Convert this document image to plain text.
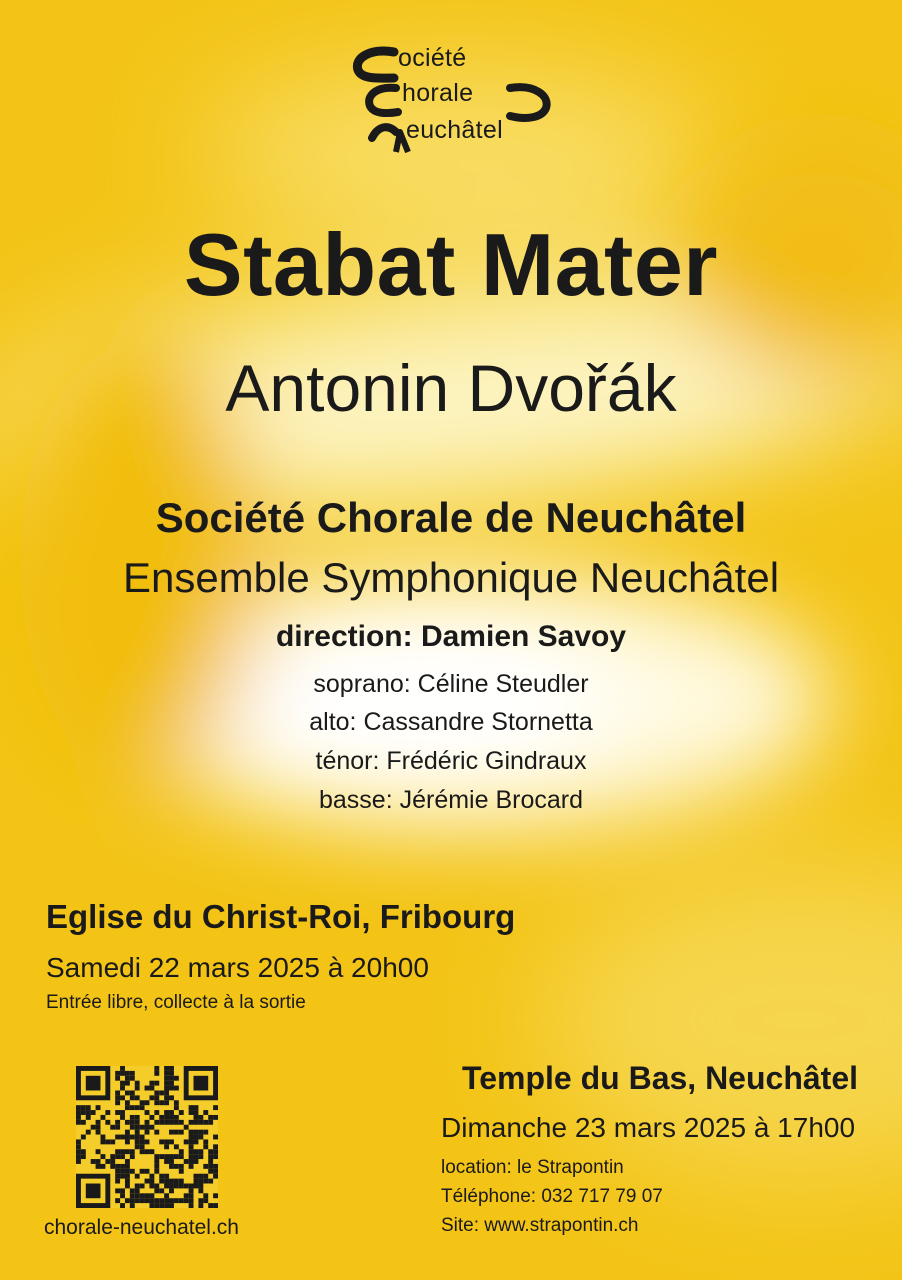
ociété
horale
euchâtel
Stabat Mater
Antonin Dvořák
Société Chorale de Neuchâtel
Ensemble Symphonique Neuchâtel
direction: Damien Savoy
soprano: Céline Steudler
alto: Cassandre Stornetta
ténor: Frédéric Gindraux
basse: Jérémie Brocard
Eglise du Christ-Roi, Fribourg
Samedi 22 mars 2025 à 20h00
Entrée libre, collecte à la sortie
chorale-neuchatel.ch
Temple du Bas, Neuchâtel
Dimanche 23 mars 2025 à 17h00
location: le Strapontin
Téléphone: 032 717 79 07
Site: www.strapontin.ch
